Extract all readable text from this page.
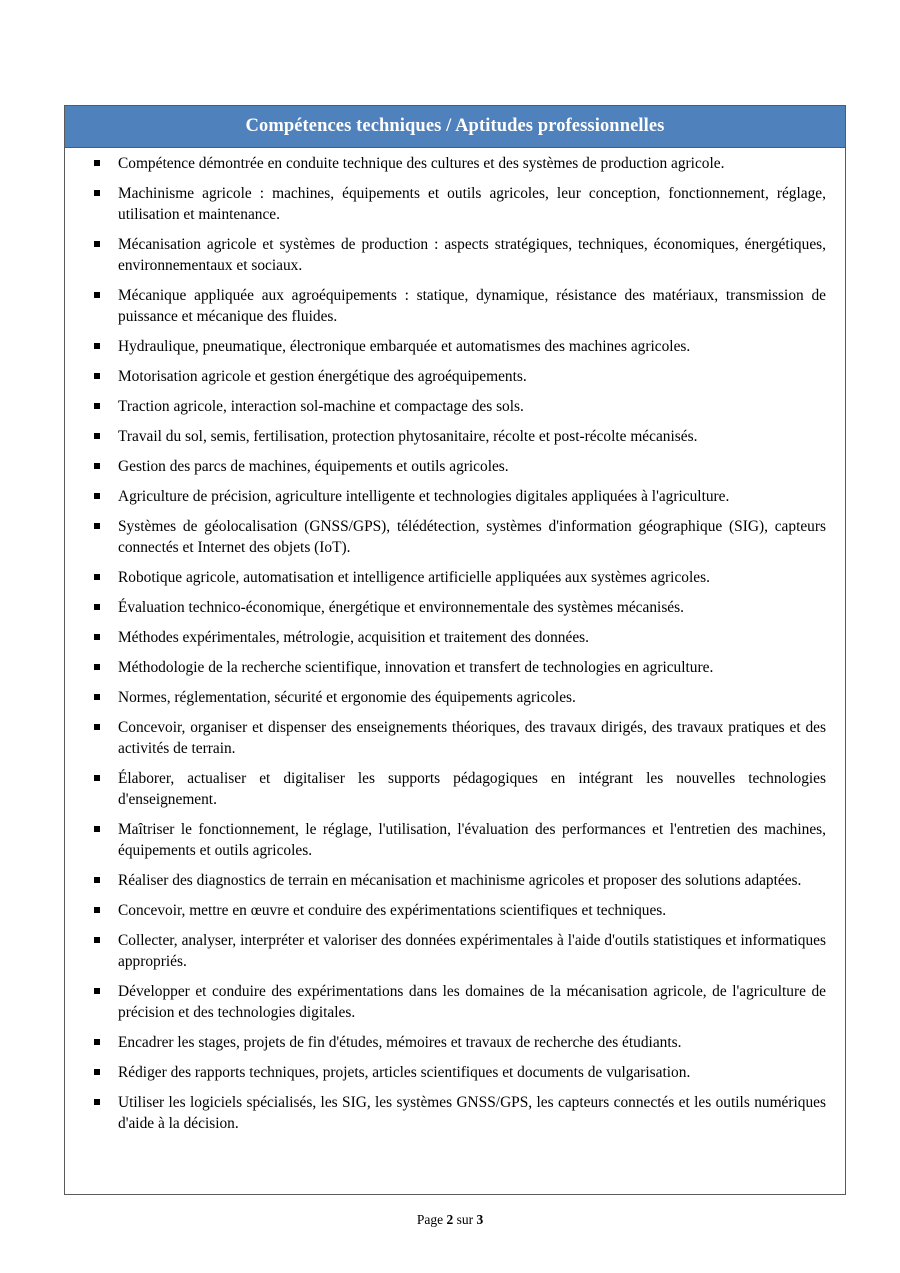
Compétences techniques / Aptitudes professionnelles
Compétence démontrée en conduite technique des cultures et des systèmes de production agricole.
Machinisme agricole : machines, équipements et outils agricoles, leur conception, fonctionnement, réglage, utilisation et maintenance.
Mécanisation agricole et systèmes de production : aspects stratégiques, techniques, économiques, énergétiques, environnementaux et sociaux.
Mécanique appliquée aux agroéquipements : statique, dynamique, résistance des matériaux, transmission de puissance et mécanique des fluides.
Hydraulique, pneumatique, électronique embarquée et automatismes des machines agricoles.
Motorisation agricole et gestion énergétique des agroéquipements.
Traction agricole, interaction sol-machine et compactage des sols.
Travail du sol, semis, fertilisation, protection phytosanitaire, récolte et post-récolte mécanisés.
Gestion des parcs de machines, équipements et outils agricoles.
Agriculture de précision, agriculture intelligente et technologies digitales appliquées à l'agriculture.
Systèmes de géolocalisation (GNSS/GPS), télédétection, systèmes d'information géographique (SIG), capteurs connectés et Internet des objets (IoT).
Robotique agricole, automatisation et intelligence artificielle appliquées aux systèmes agricoles.
Évaluation technico-économique, énergétique et environnementale des systèmes mécanisés.
Méthodes expérimentales, métrologie, acquisition et traitement des données.
Méthodologie de la recherche scientifique, innovation et transfert de technologies en agriculture.
Normes, réglementation, sécurité et ergonomie des équipements agricoles.
Concevoir, organiser et dispenser des enseignements théoriques, des travaux dirigés, des travaux pratiques et des activités de terrain.
Élaborer, actualiser et digitaliser les supports pédagogiques en intégrant les nouvelles technologies d'enseignement.
Maîtriser le fonctionnement, le réglage, l'utilisation, l'évaluation des performances et l'entretien des machines, équipements et outils agricoles.
Réaliser des diagnostics de terrain en mécanisation et machinisme agricoles et proposer des solutions adaptées.
Concevoir, mettre en œuvre et conduire des expérimentations scientifiques et techniques.
Collecter, analyser, interpréter et valoriser des données expérimentales à l'aide d'outils statistiques et informatiques appropriés.
Développer et conduire des expérimentations dans les domaines de la mécanisation agricole, de l'agriculture de précision et des technologies digitales.
Encadrer les stages, projets de fin d'études, mémoires et travaux de recherche des étudiants.
Rédiger des rapports techniques, projets, articles scientifiques et documents de vulgarisation.
Utiliser les logiciels spécialisés, les SIG, les systèmes GNSS/GPS, les capteurs connectés et les outils numériques d'aide à la décision.
Page 2 sur 3
